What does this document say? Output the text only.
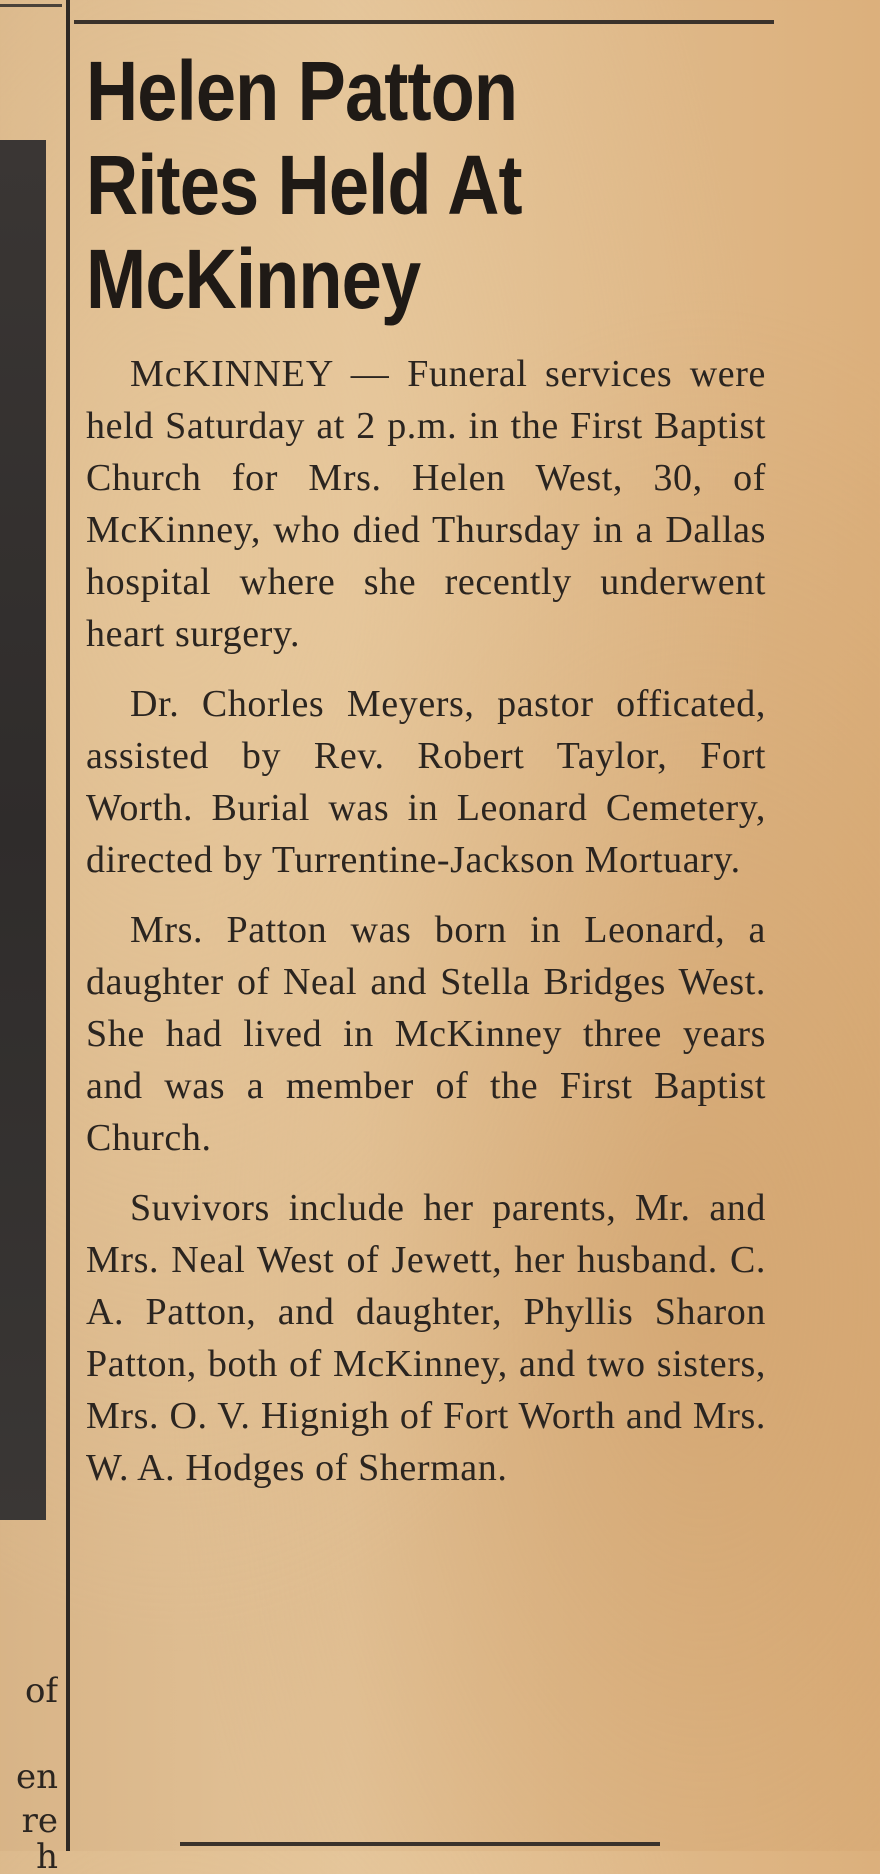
of
en
re
h
Helen Patton
Rites Held At
McKinney

McKINNEY — Funeral services were held Saturday at 2 p.m. in the First Baptist Church for Mrs. Helen West, 30, of McKinney, who died Thursday in a Dallas hospital where she recently underwent heart surgery.

Dr. Chorles Meyers, pastor officated, assisted by Rev. Robert Taylor, Fort Worth. Burial was in Leonard Cemetery, directed by Turrentine-Jackson Mortuary.

Mrs. Patton was born in Leonard, a daughter of Neal and Stella Bridges West. She had lived in McKinney three years and was a member of the First Baptist Church.

Suvivors include her parents, Mr. and Mrs. Neal West of Jewett, her husband. C. A. Patton, and daughter, Phyllis Sharon Patton, both of McKinney, and two sisters, Mrs. O. V. Hignigh of Fort Worth and Mrs. W. A. Hodges of Sherman.
